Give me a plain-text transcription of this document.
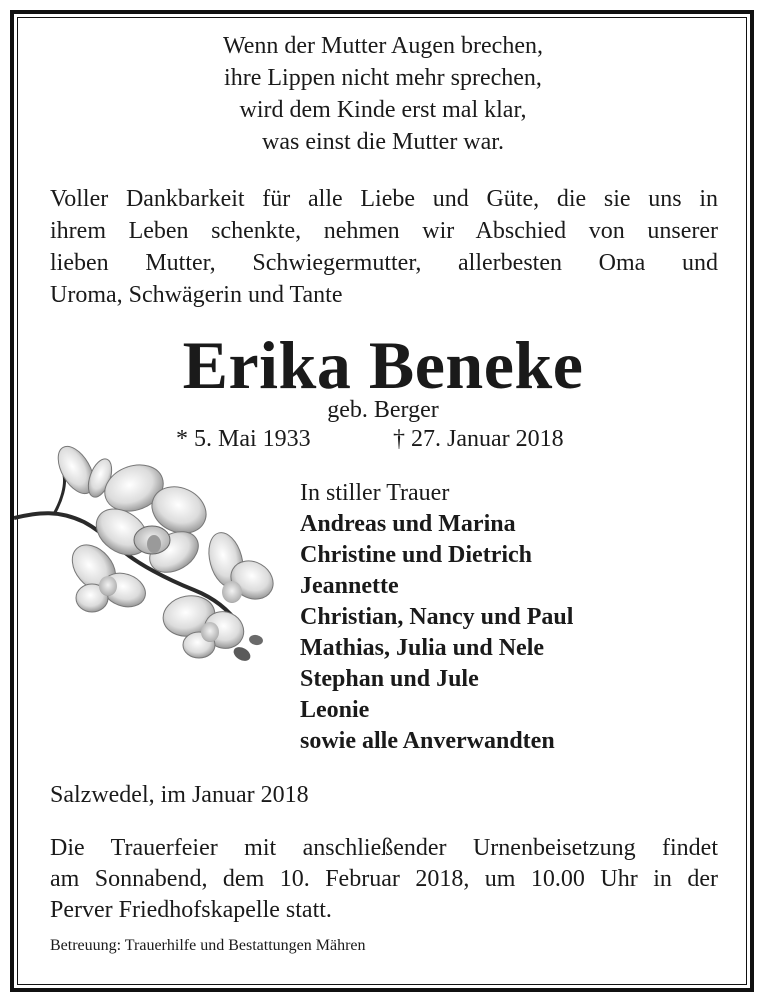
Wenn der Mutter Augen brechen,
ihre Lippen nicht mehr sprechen,
wird dem Kinde erst mal klar,
was einst die Mutter war.
Voller Dankbarkeit für alle Liebe und Güte, die sie uns in
ihrem Leben schenkte, nehmen wir Abschied von unserer
lieben Mutter, Schwiegermutter, allerbesten Oma und
Uroma, Schwägerin und Tante
Erika Beneke
geb. Berger
* 5. Mai 1933	† 27. Januar 2018
In stiller Trauer
Andreas und Marina
Christine und Dietrich
Jeannette
Christian, Nancy und Paul
Mathias, Julia und Nele
Stephan und Jule
Leonie
sowie alle Anverwandten
Salzwedel, im Januar 2018
Die Trauerfeier mit anschließender Urnenbeisetzung findet
am Sonnabend, dem 10. Februar 2018, um 10.00 Uhr in der
Perver Friedhofskapelle statt.
Betreuung: Trauerhilfe und Bestattungen Mähren
